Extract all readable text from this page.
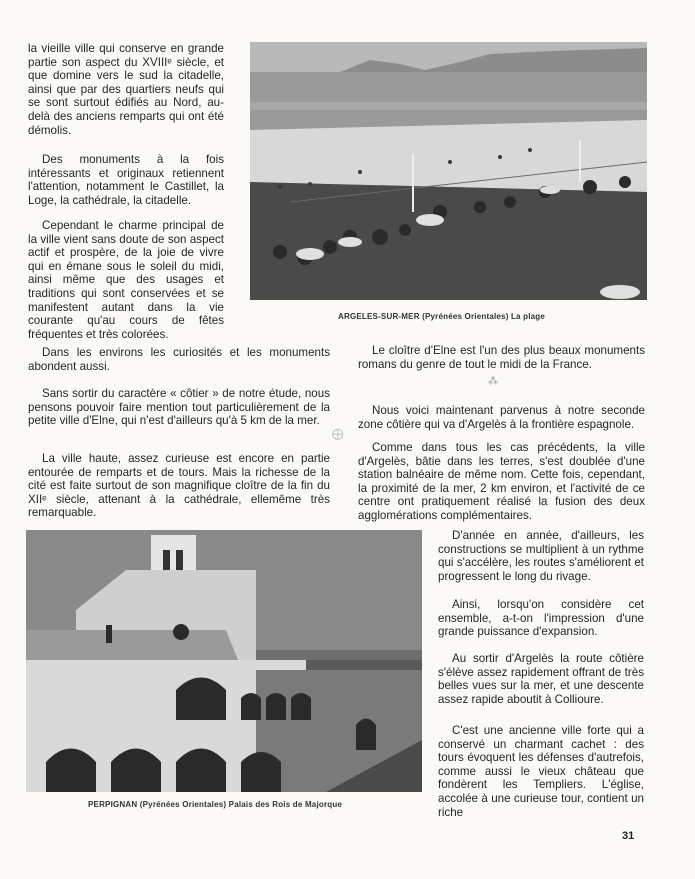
la vieille ville qui conserve en grande partie son aspect du XVIIIᵉ siècle, et que domine vers le sud la citadelle, ainsi que par des quartiers neufs qui se sont surtout édifiés au Nord, au-delà des anciens remparts qui ont été démolis.

Des monuments à la fois intéressants et originaux retiennent l'attention, notamment le Castillet, la Loge, la cathédrale, la citadelle.

Cependant le charme principal de la ville vient sans doute de son aspect actif et prospère, de la joie de vivre qui en émane sous le soleil du midi, ainsi même que des usages et traditions qui sont conservées et se manifestent autant dans la vie courante qu'au cours de fêtes fréquentes et très colorées.

ARGELES-SUR-MER (Pyrénées Orientales) La plage

Dans les environs les curiosités et les monuments abondent aussi.

Sans sortir du caractère « côtier » de notre étude, nous pensons pouvoir faire mention tout particulièrement de la petite ville d'Elne, qui n'est d'ailleurs qu'à 5 km de la mer.

La ville haute, assez curieuse est encore en partie entourée de remparts et de tours. Mais la richesse de la cité est faite surtout de son magnifique cloître de la fin du XIIᵉ siècle, attenant à la cathédrale, ellemême très remarquable.

Le cloître d'Elne est l'un des plus beaux monuments romans du genre de tout le midi de la France.

⁂

Nous voici maintenant parvenus à notre seconde zone côtière qui va d'Argelès à la frontière espagnole.

Comme dans tous les cas précédents, la ville d'Argelès, bâtie dans les terres, s'est doublée d'une station balnéaire de même nom. Cette fois, cependant, la proximité de la mer, 2 km environ, et l'activité de ce centre ont pratiquement réalisé la fusion des deux agglomérations complémentaires.

⊕
PERPIGNAN (Pyrénées Orientales) Palais des Rois de Majorque

D'année en année, d'ailleurs, les constructions se multiplient à un rythme qui s'accélère, les routes s'améliorent et progressent le long du rivage.

Ainsi, lorsqu'on considère cet ensemble, a-t-on l'impression d'une grande puissance d'expansion.

Au sortir d'Argelès la route côtière s'élève assez rapidement offrant de très belles vues sur la mer, et une descente assez rapide aboutit à Collioure.

C'est une ancienne ville forte qui a conservé un charmant cachet : des tours évoquent les défenses d'autrefois, comme aussi le vieux château que fondèrent les Templiers. L'église, accolée à une curieuse tour, contient un riche

31
